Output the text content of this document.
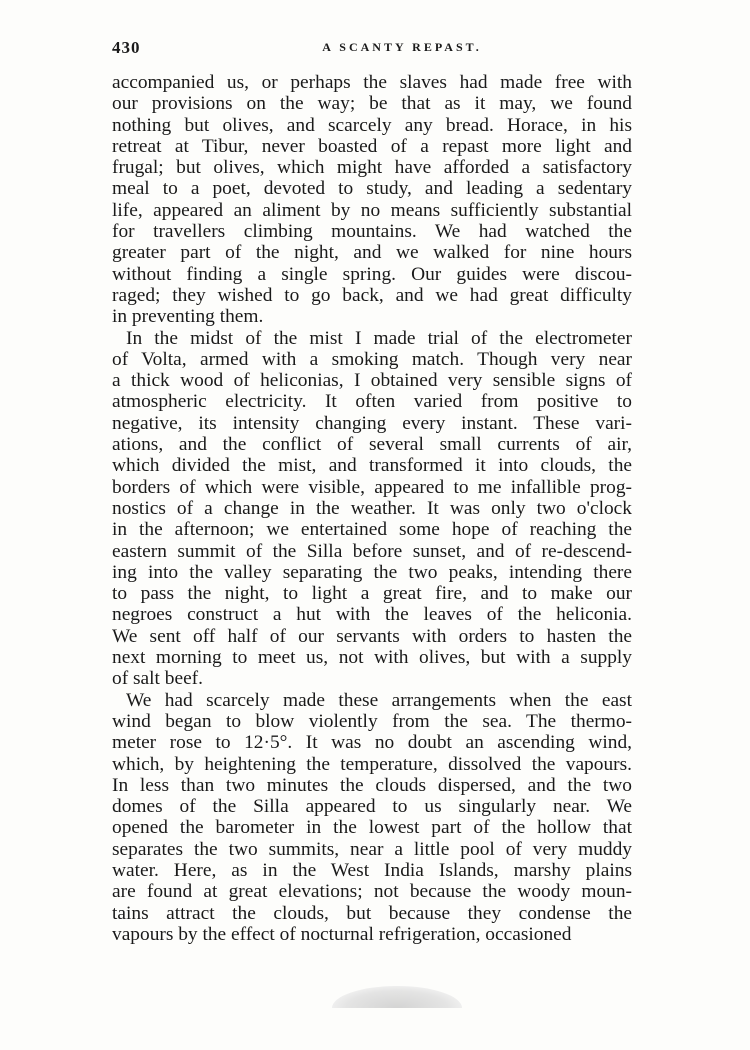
430	A SCANTY REPAST.

accompanied us, or perhaps the slaves had made free with
our provisions on the way; be that as it may, we found
nothing but olives, and scarcely any bread. Horace, in his
retreat at Tibur, never boasted of a repast more light and
frugal; but olives, which might have afforded a satisfactory
meal to a poet, devoted to study, and leading a sedentary
life, appeared an aliment by no means sufficiently substantial
for travellers climbing mountains. We had watched the
greater part of the night, and we walked for nine hours
without finding a single spring. Our guides were discou-
raged; they wished to go back, and we had great difficulty
in preventing them.

In the midst of the mist I made trial of the electrometer
of Volta, armed with a smoking match. Though very near
a thick wood of heliconias, I obtained very sensible signs of
atmospheric electricity. It often varied from positive to
negative, its intensity changing every instant. These vari-
ations, and the conflict of several small currents of air,
which divided the mist, and transformed it into clouds, the
borders of which were visible, appeared to me infallible prog-
nostics of a change in the weather. It was only two o'clock
in the afternoon; we entertained some hope of reaching the
eastern summit of the Silla before sunset, and of re-descend-
ing into the valley separating the two peaks, intending there
to pass the night, to light a great fire, and to make our
negroes construct a hut with the leaves of the heliconia.
We sent off half of our servants with orders to hasten the
next morning to meet us, not with olives, but with a supply
of salt beef.

We had scarcely made these arrangements when the east
wind began to blow violently from the sea. The thermo-
meter rose to 12·5°. It was no doubt an ascending wind,
which, by heightening the temperature, dissolved the vapours.
In less than two minutes the clouds dispersed, and the two
domes of the Silla appeared to us singularly near. We
opened the barometer in the lowest part of the hollow that
separates the two summits, near a little pool of very muddy
water. Here, as in the West India Islands, marshy plains
are found at great elevations; not because the woody moun-
tains attract the clouds, but because they condense the
vapours by the effect of nocturnal refrigeration, occasioned
